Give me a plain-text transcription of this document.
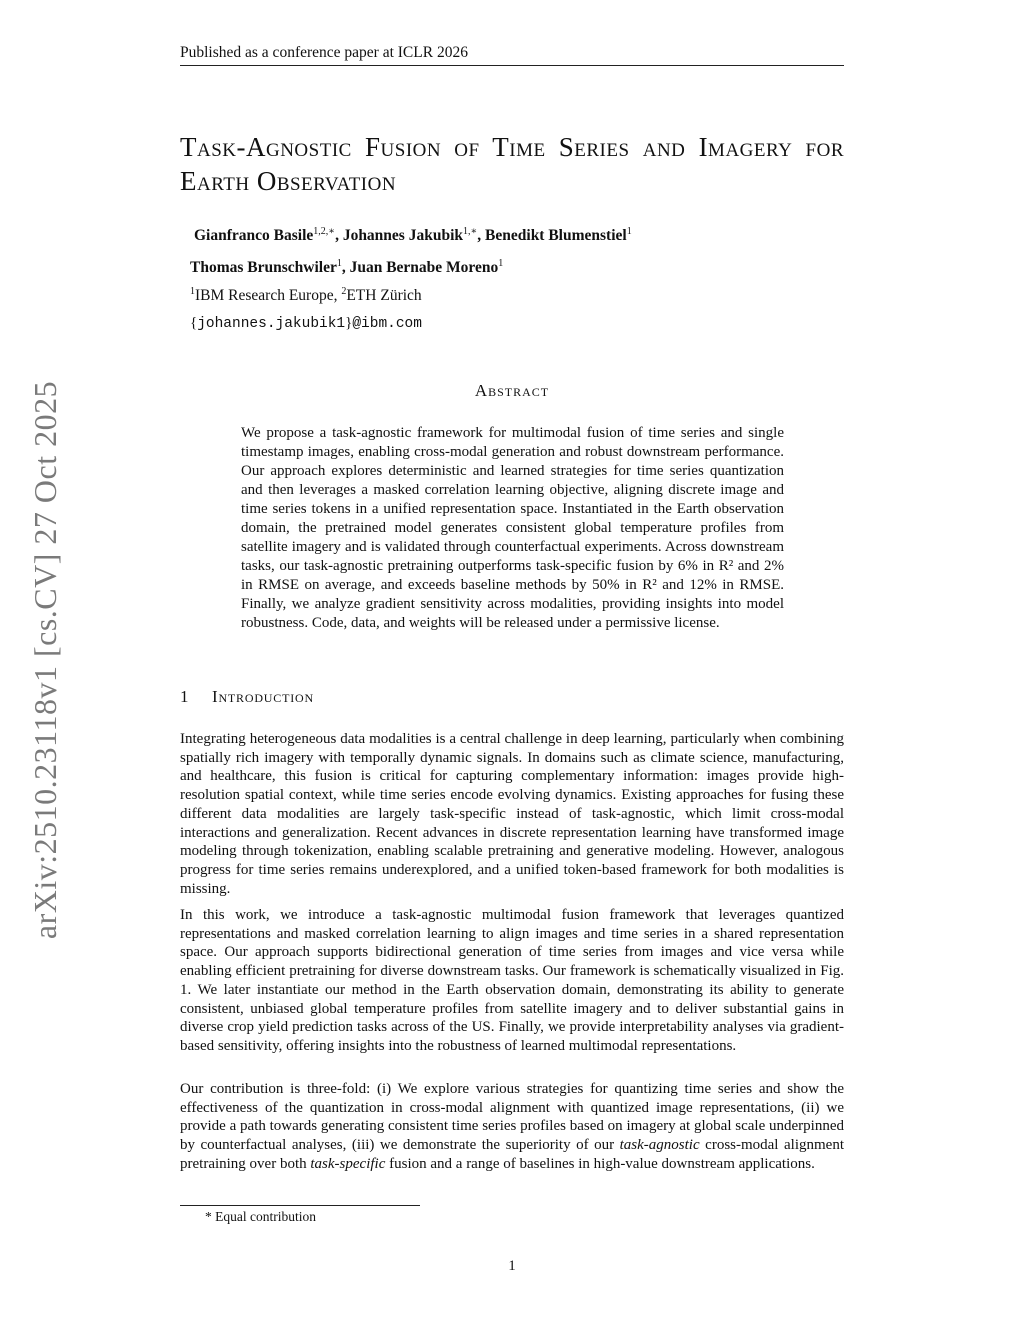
Published as a conference paper at ICLR 2026
Task-Agnostic Fusion of Time Series and Imagery for Earth Observation
Gianfranco Basile$^{1,2,∗}$, Johannes Jakubik$^{1,∗}$, Benedikt Blumenstiel$^1$
Thomas Brunschwiler$^1$, Juan Bernabe Moreno$^1$
$^1$IBM Research Europe, $^2$ETH Zürich
{johannes.jakubik1}@ibm.com
arXiv:2510.23118v1 [cs.CV] 27 Oct 2025	Abstract
We propose a task-agnostic framework for multimodal fusion of time series and single timestamp images, enabling cross-modal generation and robust downstream performance. Our approach explores deterministic and learned strategies for time series quantization and then leverages a masked correlation learning objective, aligning discrete image and time series tokens in a unified representation space. Instantiated in the Earth observation domain, the pretrained model generates consistent global temperature profiles from satellite imagery and is validated through counterfactual experiments. Across downstream tasks, our task-agnostic pretraining outperforms task-specific fusion by 6% in R² and 2% in RMSE on average, and exceeds baseline methods by 50% in R² and 12% in RMSE. Finally, we analyze gradient sensitivity across modalities, providing insights into model robustness. Code, data, and weights will be released under a permissive license.
1 Introduction
Integrating heterogeneous data modalities is a central challenge in deep learning, particularly when combining spatially rich imagery with temporally dynamic signals. In domains such as climate science, manufacturing, and healthcare, this fusion is critical for capturing complementary information: images provide high-resolution spatial context, while time series encode evolving dynamics. Existing approaches for fusing these different data modalities are largely task-specific instead of task-agnostic, which limit cross-modal interactions and generalization. Recent advances in discrete representation learning have transformed image modeling through tokenization, enabling scalable pretraining and generative modeling. However, analogous progress for time series remains underexplored, and a unified token-based framework for both modalities is missing.
In this work, we introduce a task-agnostic multimodal fusion framework that leverages quantized representations and masked correlation learning to align images and time series in a shared representation space. Our approach supports bidirectional generation of time series from images and vice versa while enabling efficient pretraining for diverse downstream tasks. Our framework is schematically visualized in Fig. 1. We later instantiate our method in the Earth observation domain, demonstrating its ability to generate consistent, unbiased global temperature profiles from satellite imagery and to deliver substantial gains in diverse crop yield prediction tasks across of the US. Finally, we provide interpretability analyses via gradient-based sensitivity, offering insights into the robustness of learned multimodal representations.
Our contribution is three-fold: (i) We explore various strategies for quantizing time series and show the effectiveness of the quantization in cross-modal alignment with quantized image representations, (ii) we provide a path towards generating consistent time series profiles based on imagery at global scale underpinned by counterfactual analyses, (iii) we demonstrate the superiority of our task-agnostic cross-modal alignment pretraining over both task-specific fusion and a range of baselines in high-value downstream applications.
* Equal contribution
1
